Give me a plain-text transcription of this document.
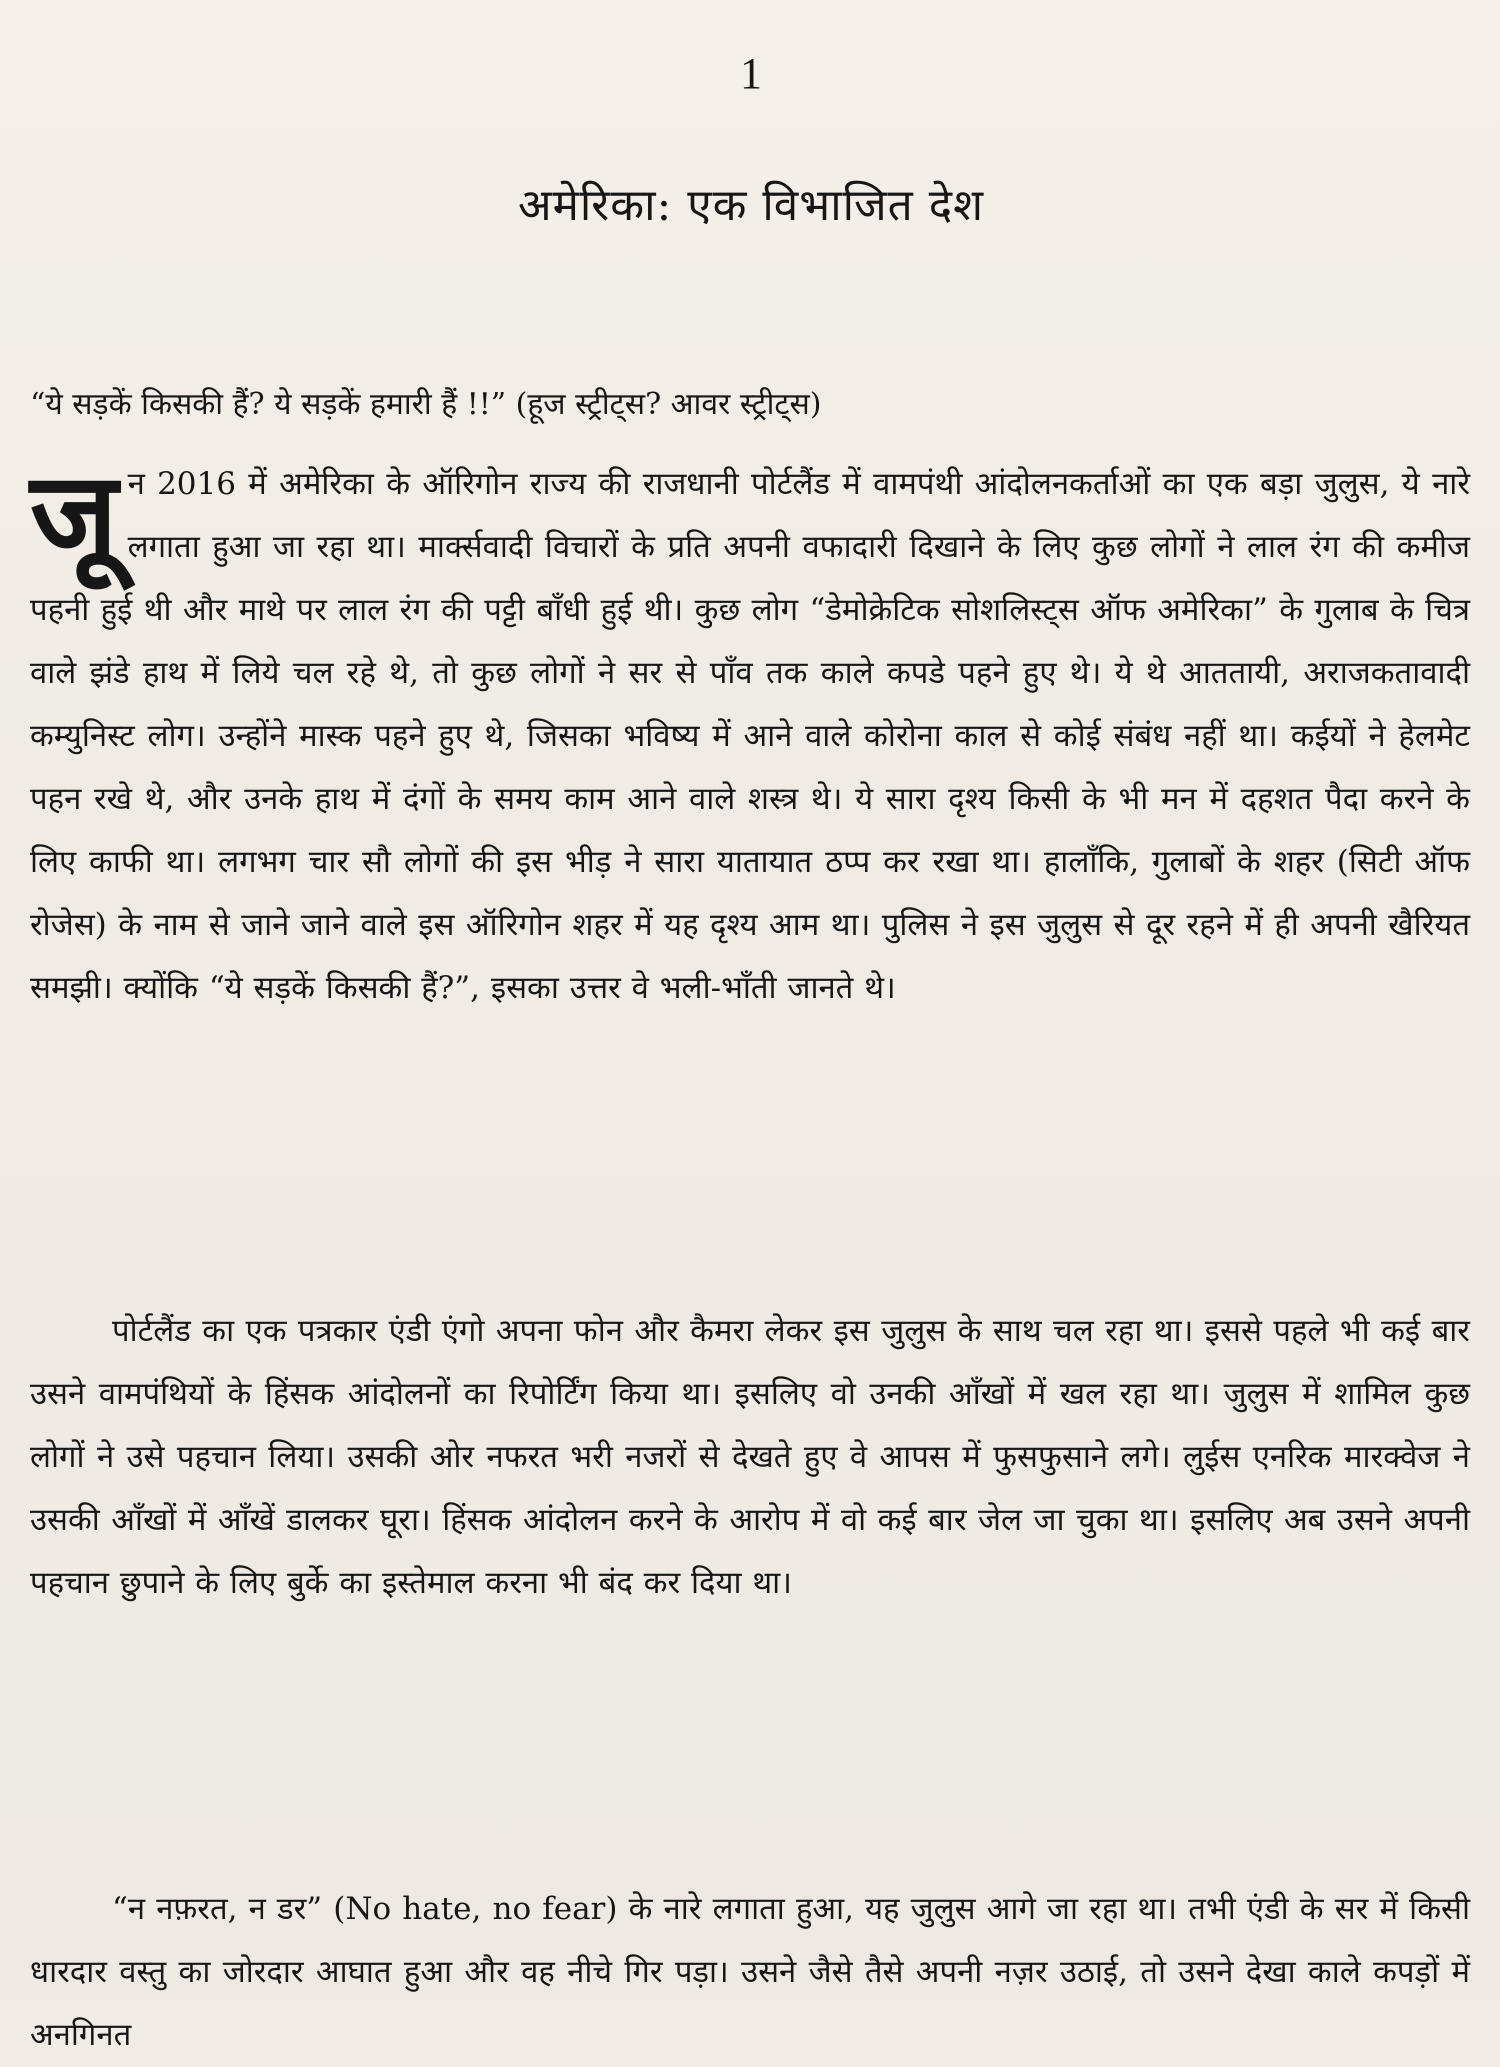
1
अमेरिका: एक विभाजित देश
“ये सड़कें किसकी हैं? ये सड़कें हमारी हैं !!” (हूज स्ट्रीट्स? आवर स्ट्रीट्स)

जून 2016 में अमेरिका के ऑरिगोन राज्य की राजधानी पोर्टलैंड में वामपंथी आंदोलनकर्ताओं का एक बड़ा जुलुस, ये नारे लगाता हुआ जा रहा था। मार्क्सवादी विचारों के प्रति अपनी वफादारी दिखाने के लिए कुछ लोगों ने लाल रंग की कमीज पहनी हुई थी और माथे पर लाल रंग की पट्टी बाँधी हुई थी। कुछ लोग “डेमोक्रेटिक सोशलिस्ट्स ऑफ अमेरिका” के गुलाब के चित्र वाले झंडे हाथ में लिये चल रहे थे, तो कुछ लोगों ने सर से पाँव तक काले कपडे पहने हुए थे। ये थे आततायी, अराजकतावादी कम्युनिस्ट लोग। उन्होंने मास्क पहने हुए थे, जिसका भविष्य में आने वाले कोरोना काल से कोई संबंध नहीं था। कईयों ने हेलमेट पहन रखे थे, और उनके हाथ में दंगों के समय काम आने वाले शस्त्र थे। ये सारा दृश्य किसी के भी मन में दहशत पैदा करने के लिए काफी था। लगभग चार सौ लोगों की इस भीड़ ने सारा यातायात ठप्प कर रखा था। हालाँकि, गुलाबों के शहर (सिटी ऑफ रोजेस) के नाम से जाने जाने वाले इस ऑरिगोन शहर में यह दृश्य आम था। पुलिस ने इस जुलुस से दूर रहने में ही अपनी खैरियत समझी। क्योंकि “ये सड़कें किसकी हैं?”, इसका उत्तर वे भली-भाँती जानते थे।

पोर्टलैंड का एक पत्रकार एंडी एंगो अपना फोन और कैमरा लेकर इस जुलुस के साथ चल रहा था। इससे पहले भी कई बार उसने वामपंथियों के हिंसक आंदोलनों का रिपोर्टिंग किया था। इसलिए वो उनकी आँखों में खल रहा था। जुलुस में शामिल कुछ लोगों ने उसे पहचान लिया। उसकी ओर नफरत भरी नजरों से देखते हुए वे आपस में फुसफुसाने लगे। लुईस एनरिक मारक्वेज ने उसकी आँखों में आँखें डालकर घूरा। हिंसक आंदोलन करने के आरोप में वो कई बार जेल जा चुका था। इसलिए अब उसने अपनी पहचान छुपाने के लिए बुर्के का इस्तेमाल करना भी बंद कर दिया था।

“न नफ़रत, न डर” (No hate, no fear) के नारे लगाता हुआ, यह जुलुस आगे जा रहा था। तभी एंडी के सर में किसी धारदार वस्तु का जोरदार आघात हुआ और वह नीचे गिर पड़ा। उसने जैसे तैसे अपनी नज़र उठाई, तो उसने देखा काले कपड़ों में अनगिनत
